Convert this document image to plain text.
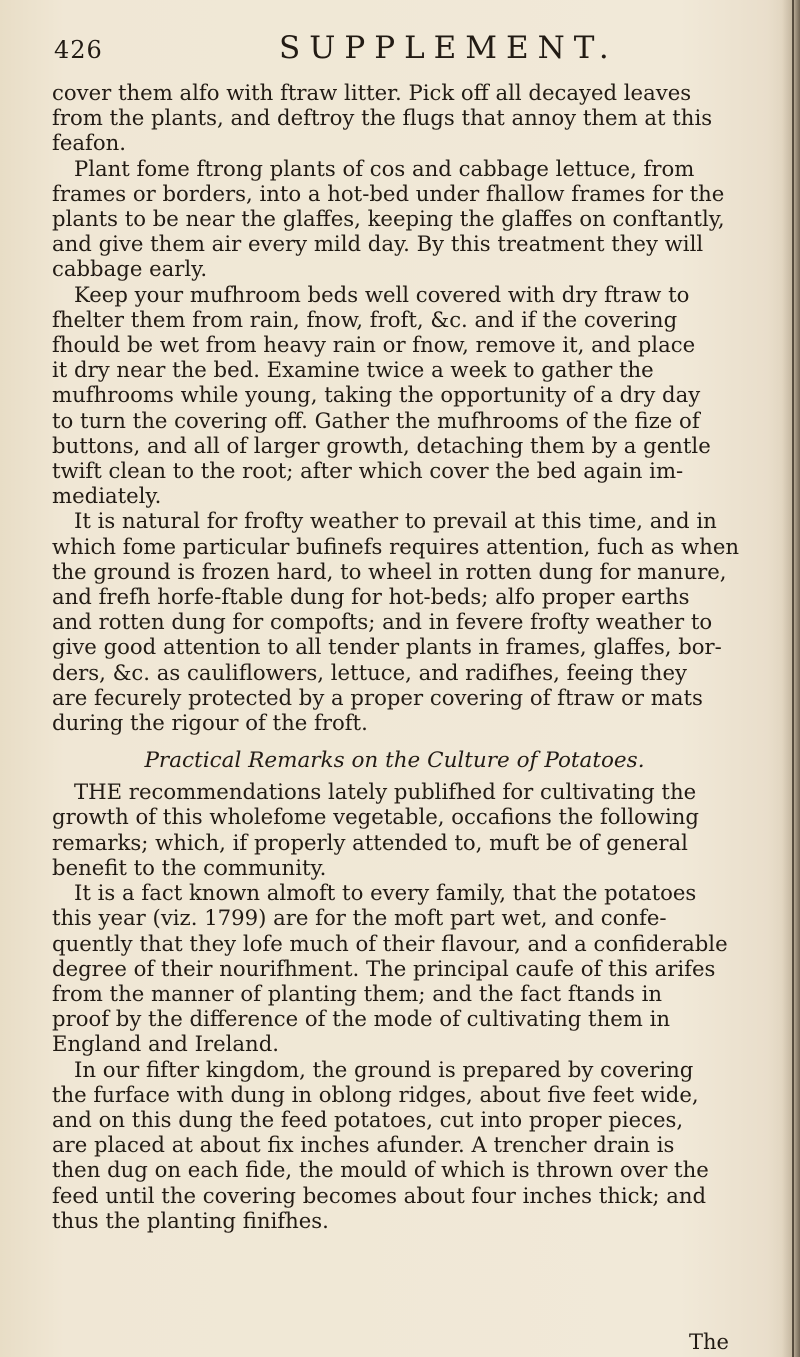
426	SUPPLEMENT.
cover them alfo with ftraw litter. Pick off all decayed leaves
from the plants, and deftroy the flugs that annoy them at this
feafon.
Plant fome ftrong plants of cos and cabbage lettuce, from
frames or borders, into a hot-bed under fhallow frames for the
plants to be near the glaffes, keeping the glaffes on conftantly,
and give them air every mild day. By this treatment they will
cabbage early.
Keep your mufhroom beds well covered with dry ftraw to
fhelter them from rain, fnow, froft, &c. and if the covering
fhould be wet from heavy rain or fnow, remove it, and place
it dry near the bed. Examine twice a week to gather the
mufhrooms while young, taking the opportunity of a dry day
to turn the covering off. Gather the mufhrooms of the fize of
buttons, and all of larger growth, detaching them by a gentle
twift clean to the root; after which cover the bed again im-
mediately.
It is natural for frofty weather to prevail at this time, and in
which fome particular bufinefs requires attention, fuch as when
the ground is frozen hard, to wheel in rotten dung for manure,
and frefh horfe-ftable dung for hot-beds; alfo proper earths
and rotten dung for compofts; and in fevere frofty weather to
give good attention to all tender plants in frames, glaffes, bor-
ders, &c. as cauliflowers, lettuce, and radifhes, feeing they
are fecurely protected by a proper covering of ftraw or mats
during the rigour of the froft.
Practical Remarks on the Culture of Potatoes.
THE recommendations lately publifhed for cultivating the
growth of this wholefome vegetable, occafions the following
remarks; which, if properly attended to, muft be of general
benefit to the community.
It is a fact known almoft to every family, that the potatoes
this year (viz. 1799) are for the moft part wet, and confe-
quently that they lofe much of their flavour, and a confiderable
degree of their nourifhment. The principal caufe of this arifes
from the manner of planting them; and the fact ftands in
proof by the difference of the mode of cultivating them in
England and Ireland.
In our fifter kingdom, the ground is prepared by covering
the furface with dung in oblong ridges, about five feet wide,
and on this dung the feed potatoes, cut into proper pieces,
are placed at about fix inches afunder. A trencher drain is
then dug on each fide, the mould of which is thrown over the
feed until the covering becomes about four inches thick; and
thus the planting finifhes.
The
